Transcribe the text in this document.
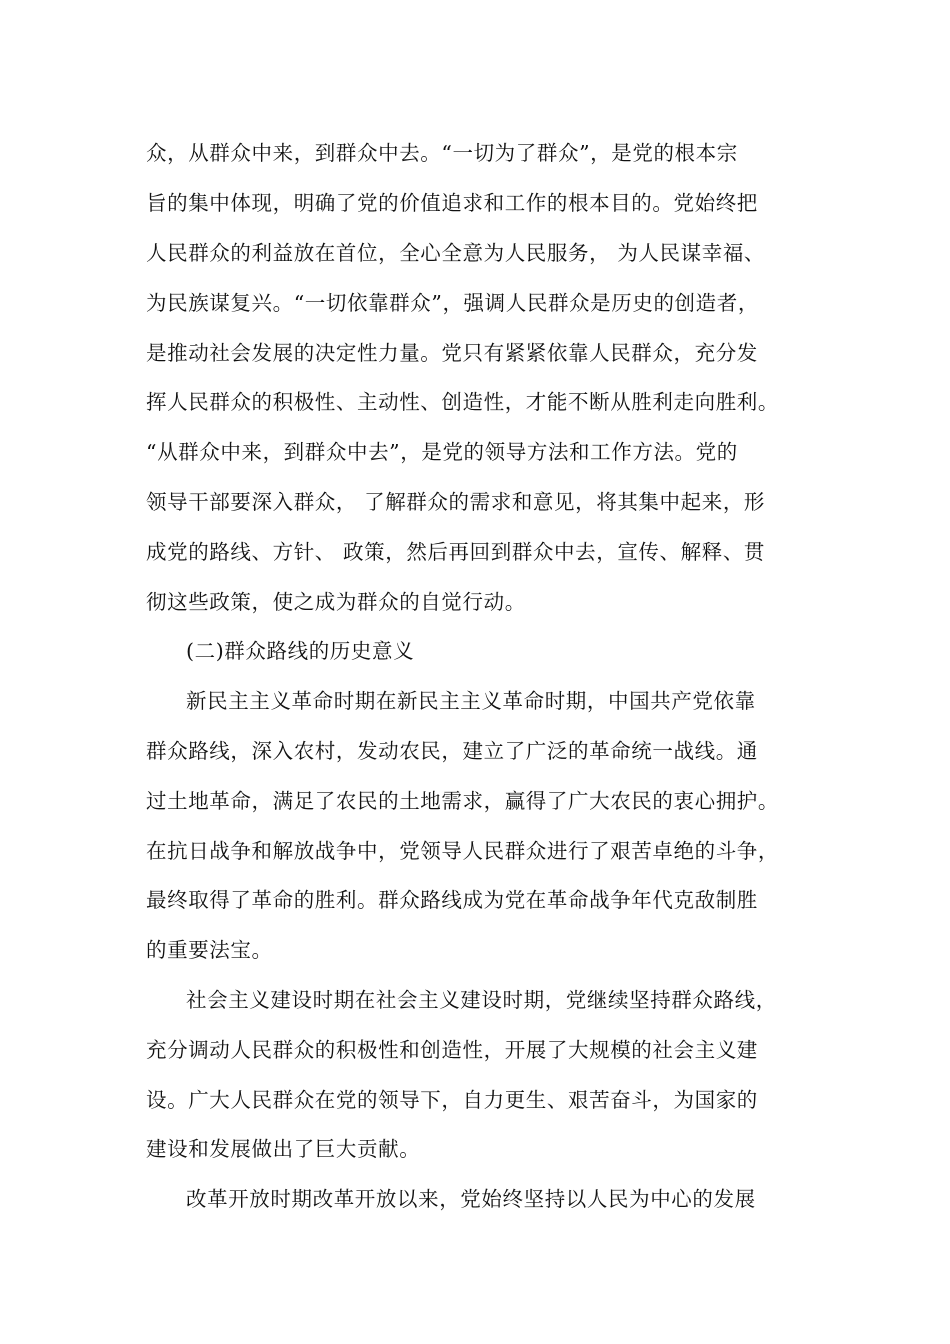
众，从群众中来，到群众中去。“一切为了群众”，是党的根本宗
旨的集中体现，明确了党的价值追求和工作的根本目的。党始终把
人民群众的利益放在首位，全心全意为人民服务， 为人民谋幸福、
为民族谋复兴。“一切依靠群众”，强调人民群众是历史的创造者，
是推动社会发展的决定性力量。党只有紧紧依靠人民群众，充分发
挥人民群众的积极性、主动性、创造性，才能不断从胜利走向胜利。
“从群众中来，到群众中去”，是党的领导方法和工作方法。党的
领导干部要深入群众， 了解群众的需求和意见，将其集中起来，形
成党的路线、方针、 政策，然后再回到群众中去，宣传、解释、贯
彻这些政策，使之成为群众的自觉行动。
(二)群众路线的历史意义
新民主主义革命时期在新民主主义革命时期，中国共产党依靠
群众路线，深入农村，发动农民，建立了广泛的革命统一战线。通
过土地革命，满足了农民的土地需求，赢得了广大农民的衷心拥护。
在抗日战争和解放战争中，党领导人民群众进行了艰苦卓绝的斗争，
最终取得了革命的胜利。群众路线成为党在革命战争年代克敌制胜
的重要法宝。
社会主义建设时期在社会主义建设时期，党继续坚持群众路线，
充分调动人民群众的积极性和创造性，开展了大规模的社会主义建
设。广大人民群众在党的领导下，自力更生、艰苦奋斗，为国家的
建设和发展做出了巨大贡献。
改革开放时期改革开放以来，党始终坚持以人民为中心的发展
